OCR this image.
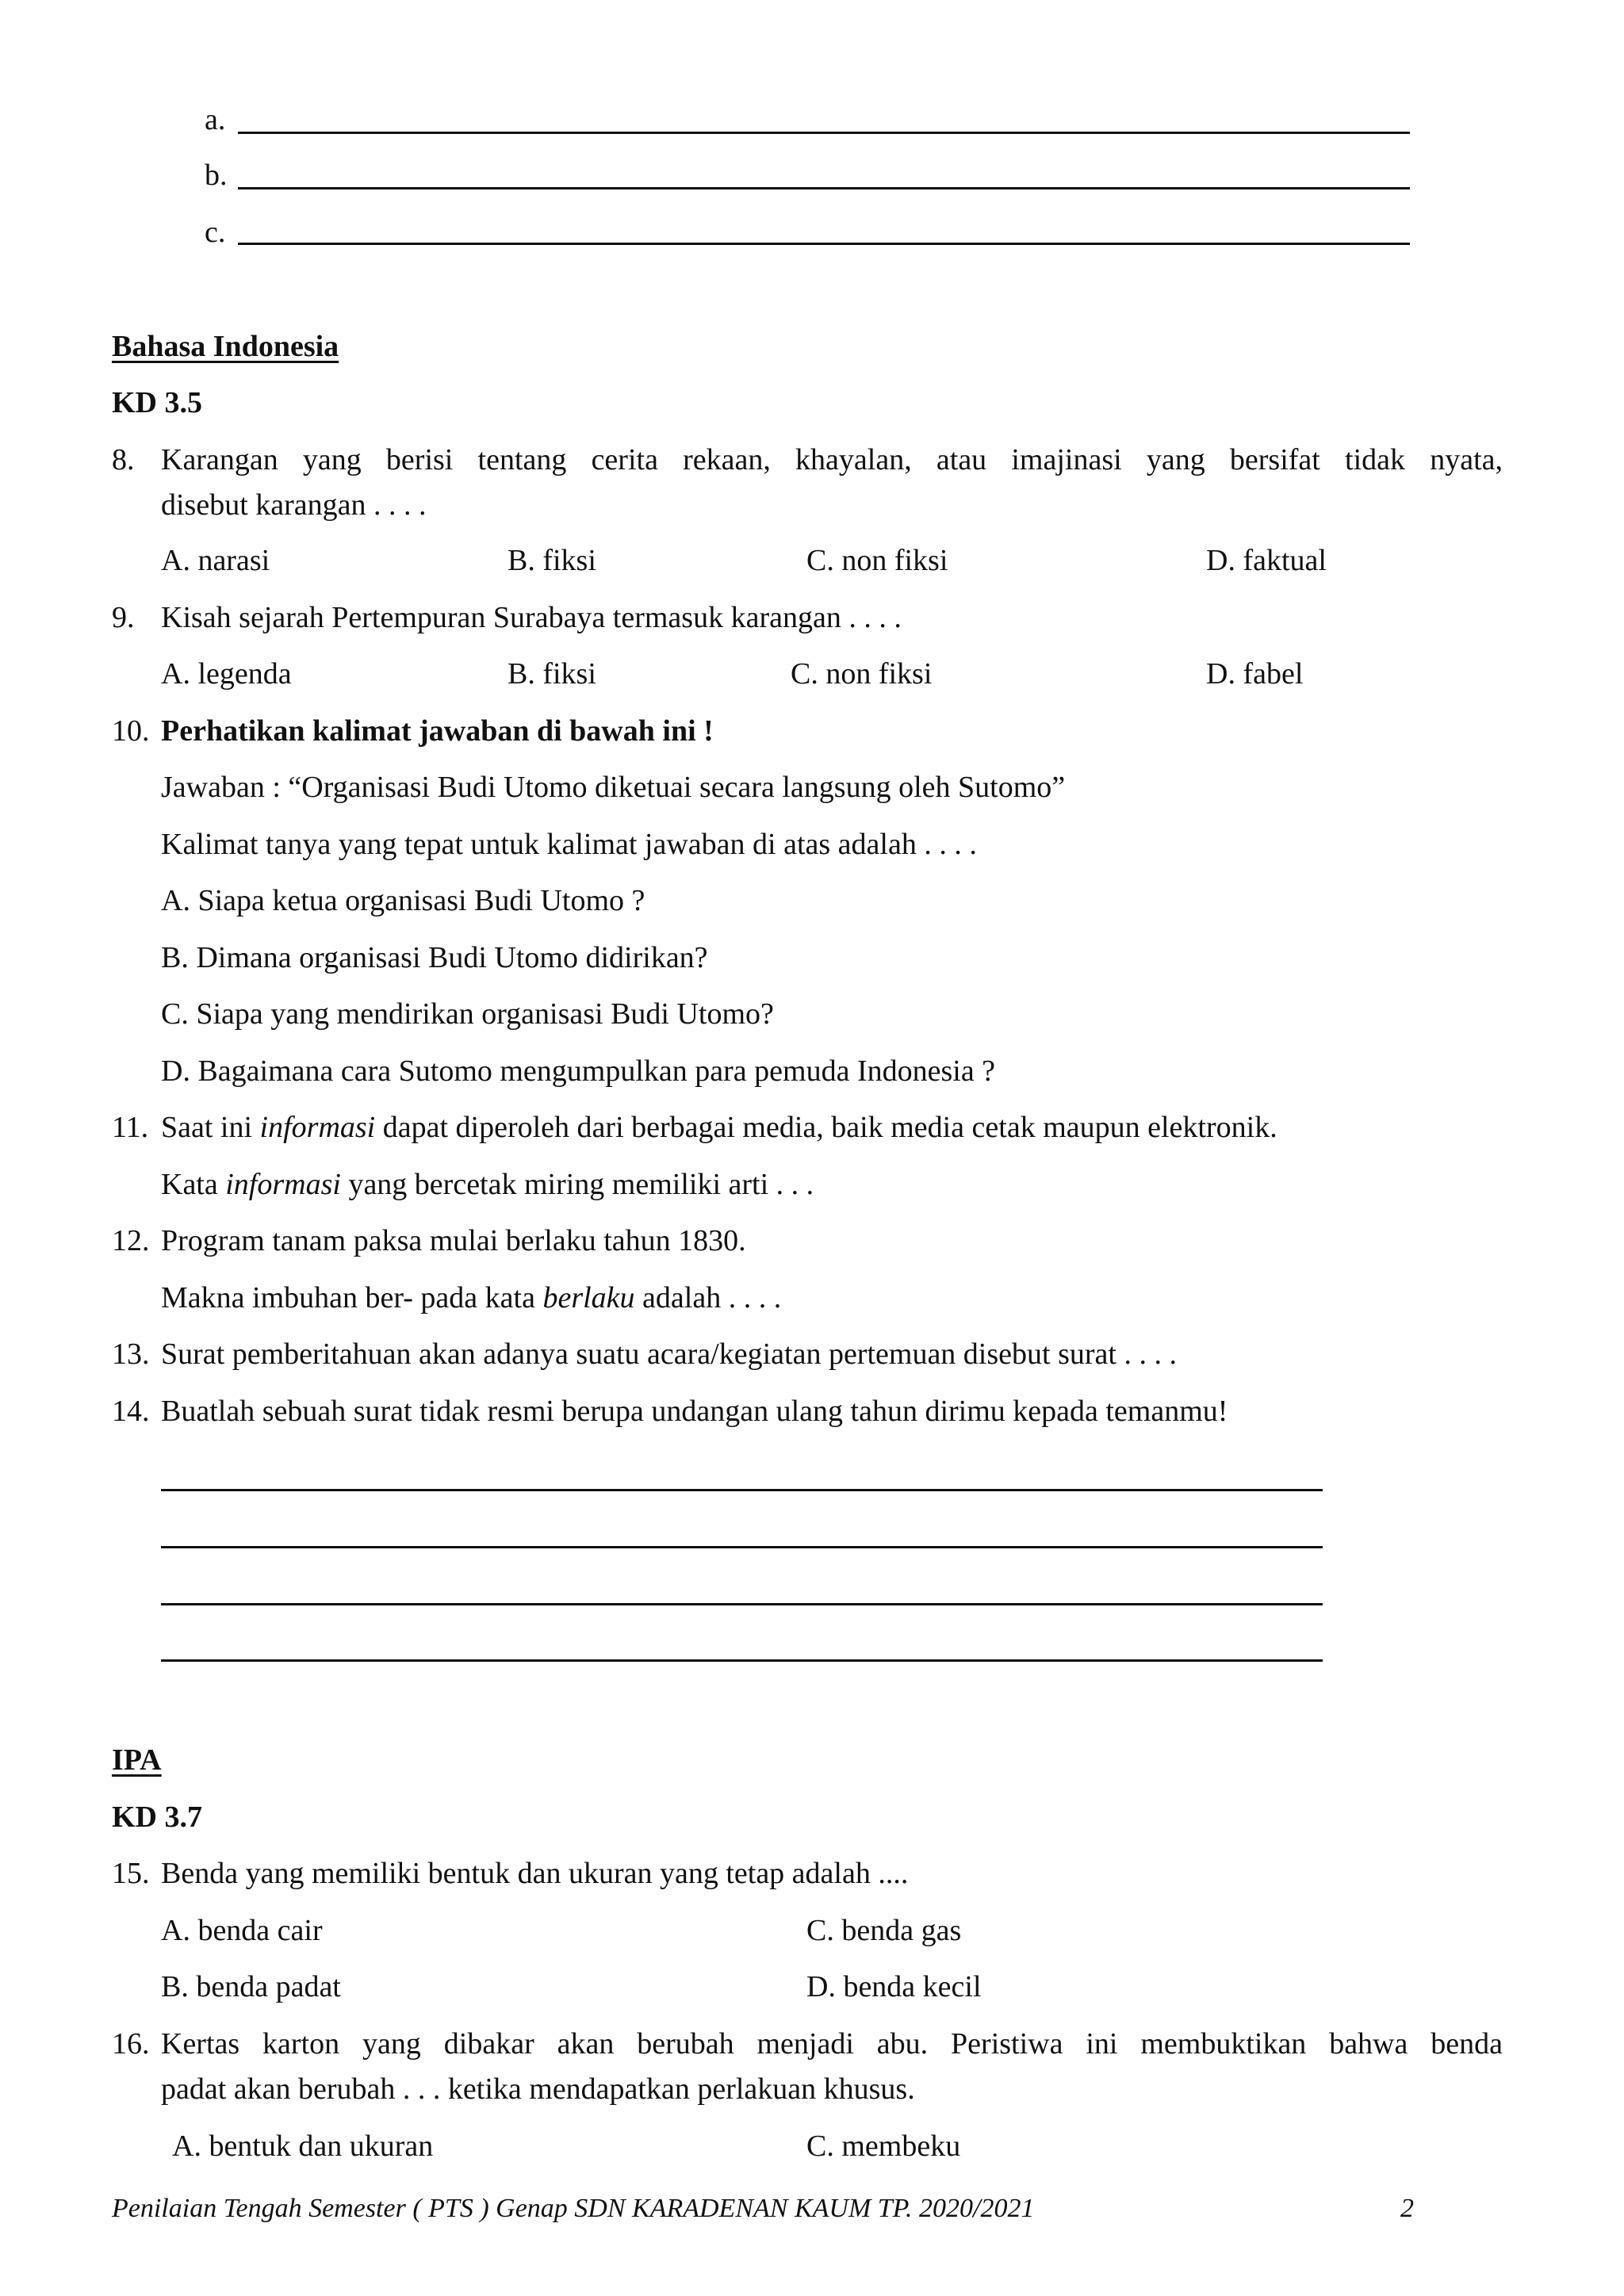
a.
b.
c.
Bahasa Indonesia
KD 3.5
8. Karangan yang berisi tentang cerita rekaan, khayalan, atau imajinasi yang bersifat tidak nyata,
disebut karangan . . . .
A. narasi	B. fiksi	C. non fiksi	D. faktual
9. Kisah sejarah Pertempuran Surabaya termasuk karangan . . . .
A. legenda	B. fiksi	C. non fiksi	D. fabel
10. Perhatikan kalimat jawaban di bawah ini !
Jawaban : “Organisasi Budi Utomo diketuai secara langsung oleh Sutomo”
Kalimat tanya yang tepat untuk kalimat jawaban di atas adalah . . . .
A. Siapa ketua organisasi Budi Utomo ?
B. Dimana organisasi Budi Utomo didirikan?
C. Siapa yang mendirikan organisasi Budi Utomo?
D. Bagaimana cara Sutomo mengumpulkan para pemuda Indonesia ?
11. Saat ini informasi dapat diperoleh dari berbagai media, baik media cetak maupun elektronik.
Kata informasi yang bercetak miring memiliki arti . . .
12. Program tanam paksa mulai berlaku tahun 1830.
Makna imbuhan ber- pada kata berlaku adalah . . . .
13. Surat pemberitahuan akan adanya suatu acara/kegiatan pertemuan disebut surat . . . .
14. Buatlah sebuah surat tidak resmi berupa undangan ulang tahun dirimu kepada temanmu!
IPA
KD 3.7
15. Benda yang memiliki bentuk dan ukuran yang tetap adalah ....
A. benda cair	C. benda gas
B. benda padat	D. benda kecil
16. Kertas karton yang dibakar akan berubah menjadi abu. Peristiwa ini membuktikan bahwa benda
padat akan berubah . . . ketika mendapatkan perlakuan khusus.
A. bentuk dan ukuran	C. membeku
Penilaian Tengah Semester ( PTS ) Genap SDN KARADENAN KAUM TP. 2020/2021	2
